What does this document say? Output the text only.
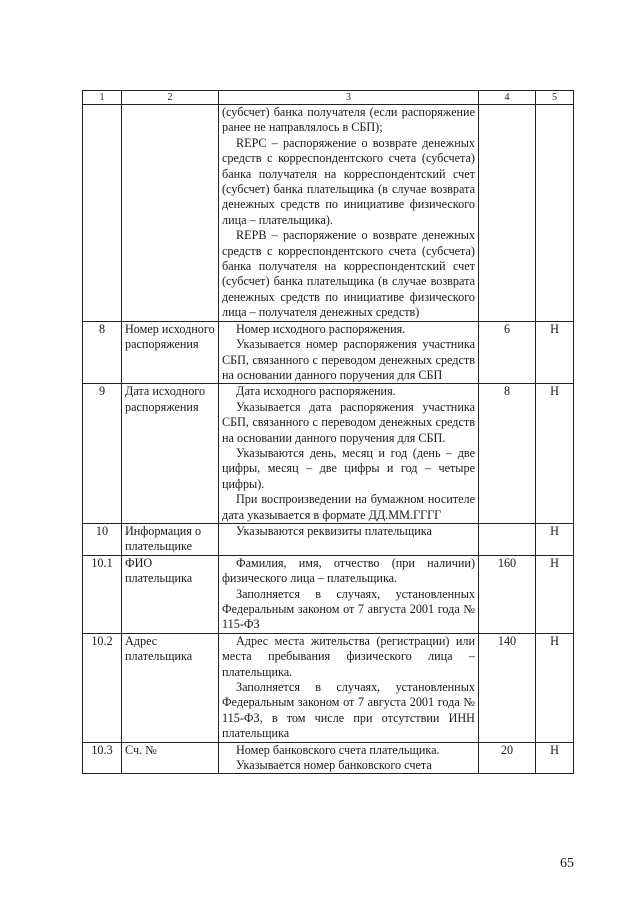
1	2	3	4	5

		(субсчет) банка получателя (если распоряжение ранее не направлялось в СБП);
REPC – распоряжение о возврате денежных средств с корреспондентского счета (субсчета) банка получателя на корреспондентский счет (субсчет) банка плательщика (в случае возврата денежных средств по инициативе физического лица – плательщика).
REPB – распоряжение о возврате денежных средств с корреспондентского счета (субсчета) банка получателя на корреспондентский счет (субсчет) банка плательщика (в случае возврата денежных средств по инициативе физического лица – получателя денежных средств)		

8	Номер исходного распоряжения	Номер исходного распоряжения.
Указывается номер распоряжения участника СБП, связанного с переводом денежных средств на основании данного поручения для СБП	6	Н
9	Дата исходного распоряжения	Дата исходного распоряжения.
Указывается дата распоряжения участника СБП, связанного с переводом денежных средств на основании данного поручения для СБП.
Указываются день, месяц и год (день – две цифры, месяц – две цифры и год – четыре цифры).
При воспроизведении на бумажном носителе дата указывается в формате ДД.ММ.ГГГГ	8	Н
10	Информация о плательщике	Указываются реквизиты плательщика		Н
10.1	ФИО плательщика	Фамилия, имя, отчество (при наличии) физического лица – плательщика.
Заполняется в случаях, установленных Федеральным законом от 7 августа 2001 года № 115-ФЗ	160	Н
10.2	Адрес плательщика	Адрес места жительства (регистрации) или места пребывания физического лица – плательщика.
Заполняется в случаях, установленных Федеральным законом от 7 августа 2001 года № 115-ФЗ, в том числе при отсутствии ИНН плательщика	140	Н
10.3	Сч. №	Номер банковского счета плательщика.
Указывается номер банковского счета	20	Н
65
